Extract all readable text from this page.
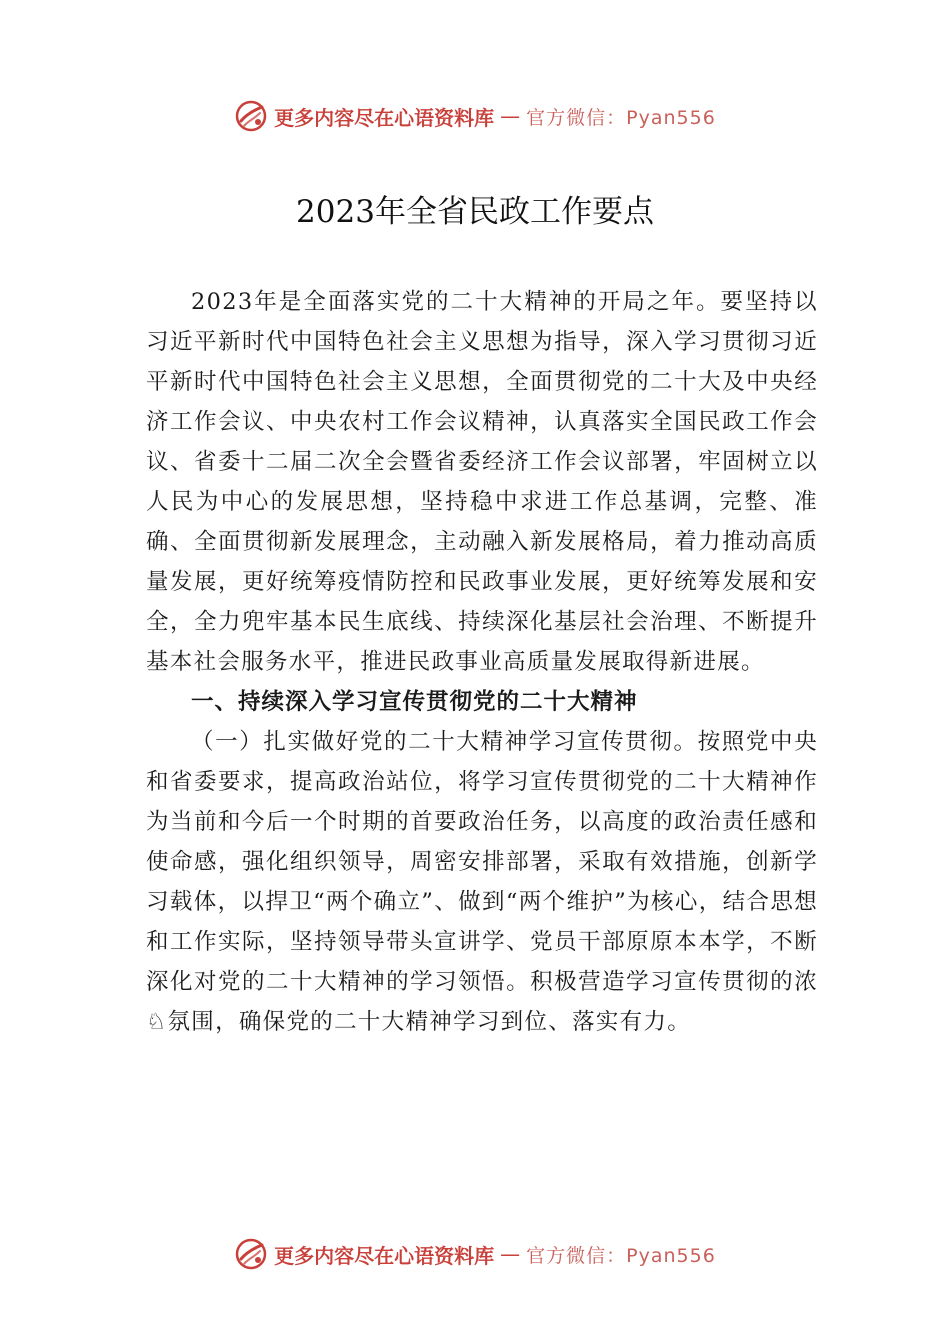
更多内容尽在心语资料库 — 官方微信：Pyan556
2023年全省民政工作要点

2023年是全面落实党的二十大精神的开局之年。要坚持以习近平新时代中国特色社会主义思想为指导，深入学习贯彻习近平新时代中国特色社会主义思想，全面贯彻党的二十大及中央经济工作会议、中央农村工作会议精神，认真落实全国民政工作会议、省委十二届二次全会暨省委经济工作会议部署，牢固树立以人民为中心的发展思想，坚持稳中求进工作总基调，完整、准确、全面贯彻新发展理念，主动融入新发展格局，着力推动高质量发展，更好统筹疫情防控和民政事业发展，更好统筹发展和安全，全力兜牢基本民生底线、持续深化基层社会治理、不断提升基本社会服务水平，推进民政事业高质量发展取得新进展。

一、持续深入学习宣传贯彻党的二十大精神

（一）扎实做好党的二十大精神学习宣传贯彻。按照党中央和省委要求，提高政治站位，将学习宣传贯彻党的二十大精神作为当前和今后一个时期的首要政治任务，以高度的政治责任感和使命感，强化组织领导，周密安排部署，采取有效措施，创新学习载体，以捍卫“两个确立”、做到“两个维护”为核心，结合思想和工作实际，坚持领导带头宣讲学、党员干部原原本本学，不断深化对党的二十大精神的学习领悟。积极营造学习宣传贯彻的浓♘氛围，确保党的二十大精神学习到位、落实有力。

更多内容尽在心语资料库 — 官方微信：Pyan556
